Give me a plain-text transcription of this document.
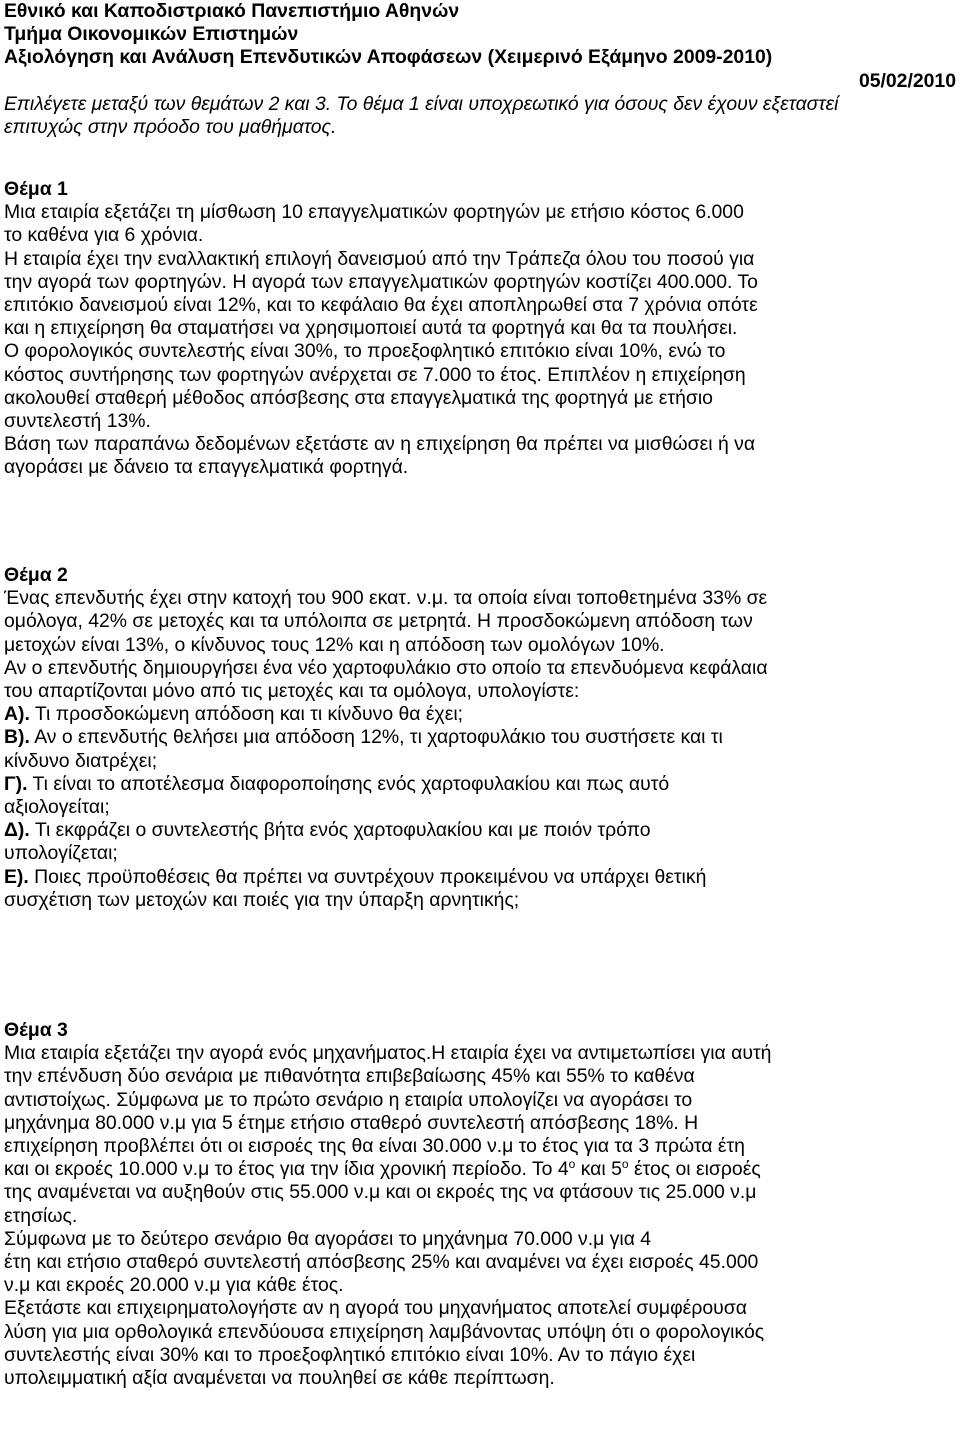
Εθνικό και Καποδιστριακό Πανεπιστήμιο Αθηνών

Τμήμα Οικονομικών Επιστημών

Αξιολόγηση και Ανάλυση Επενδυτικών Αποφάσεων (Χειμερινό Εξάμηνο 2009-2010)

05/02/2010

Επιλέγετε μεταξύ των θεμάτων 2 και 3. Το θέμα 1 είναι υποχρεωτικό για όσους δεν έχουν εξεταστεί

επιτυχώς στην πρόοδο του μαθήματος.

Θέμα 1

Μια εταιρία εξετάζει τη μίσθωση 10 επαγγελματικών φορτηγών με ετήσιο κόστος 6.000

το καθένα για 6 χρόνια.

Η εταιρία έχει την εναλλακτική επιλογή δανεισμού από την Τράπεζα όλου του ποσού για

την αγορά των φορτηγών. Η αγορά των επαγγελματικών φορτηγών κοστίζει 400.000. Το

επιτόκιο δανεισμού είναι 12%, και το κεφάλαιο θα έχει αποπληρωθεί στα 7 χρόνια οπότε

και η επιχείρηση θα σταματήσει να χρησιμοποιεί αυτά τα φορτηγά και θα τα πουλήσει.

Ο φορολογικός συντελεστής είναι 30%, το προεξοφλητικό επιτόκιο είναι 10%, ενώ το

κόστος συντήρησης των φορτηγών ανέρχεται σε 7.000 το έτος. Επιπλέον η επιχείρηση

ακολουθεί σταθερή μέθοδος απόσβεσης στα επαγγελματικά της φορτηγά με ετήσιο

συντελεστή 13%.

Βάση των παραπάνω δεδομένων εξετάστε αν η επιχείρηση θα πρέπει να μισθώσει ή να

αγοράσει με δάνειο τα επαγγελματικά φορτηγά.

Θέμα 2

Ένας επενδυτής έχει στην κατοχή του 900 εκατ. ν.μ. τα οποία είναι τοποθετημένα 33% σε

ομόλογα, 42% σε μετοχές και τα υπόλοιπα σε μετρητά. Η προσδοκώμενη απόδοση των

μετοχών είναι 13%, ο κίνδυνος τους 12% και η απόδοση των ομολόγων 10%.

Αν ο επενδυτής δημιουργήσει ένα νέο χαρτοφυλάκιο στο οποίο τα επενδυόμενα κεφάλαια

του απαρτίζονται μόνο από τις μετοχές και τα ομόλογα, υπολογίστε:

Α). Τι προσδοκώμενη απόδοση και τι κίνδυνο θα έχει;

Β). Αν ο επενδυτής θελήσει μια απόδοση 12%, τι χαρτοφυλάκιο του συστήσετε και τι

κίνδυνο διατρέχει;

Γ). Τι είναι το αποτέλεσμα διαφοροποίησης ενός χαρτοφυλακίου και πως αυτό

αξιολογείται;

Δ). Τι εκφράζει ο συντελεστής βήτα ενός χαρτοφυλακίου και με ποιόν τρόπο

υπολογίζεται;

Ε). Ποιες προϋποθέσεις θα πρέπει να συντρέχουν προκειμένου να υπάρχει θετική

συσχέτιση των μετοχών και ποιές για την ύπαρξη αρνητικής;

Θέμα 3

Μια εταιρία εξετάζει την αγορά ενός μηχανήματος.Η εταιρία έχει να αντιμετωπίσει για αυτή

την επένδυση δύο σενάρια με πιθανότητα επιβεβαίωσης 45% και 55% το καθένα

αντιστοίχως. Σύμφωνα με το πρώτο σενάριο η εταιρία υπολογίζει να αγοράσει το

μηχάνημα 80.000 ν.μ για 5 έτημε ετήσιο σταθερό συντελεστή απόσβεσης 18%. Η

επιχείρηση προβλέπει ότι οι εισροές της θα είναι 30.000 ν.μ το έτος για τα 3 πρώτα έτη

και οι εκροές 10.000 ν.μ το έτος για την ίδια χρονική περίοδο. Το $4^o$ και $5^o$ έτος οι εισροές

της αναμένεται να αυξηθούν στις 55.000 ν.μ και οι εκροές της να φτάσουν τις 25.000 ν.μ

ετησίως.

Σύμφωνα με το δεύτερο σενάριο θα αγοράσει το μηχάνημα 70.000 ν.μ για 4

έτη και ετήσιο σταθερό συντελεστή απόσβεσης 25% και αναμένει να έχει εισροές 45.000

ν.μ και εκροές 20.000 ν.μ για κάθε έτος.

Εξετάστε και επιχειρηματολογήστε αν η αγορά του μηχανήματος αποτελεί συμφέρουσα

λύση για μια ορθολογικά επενδύουσα επιχείρηση λαμβάνοντας υπόψη ότι ο φορολογικός

συντελεστής είναι 30% και το προεξοφλητικό επιτόκιο είναι 10%. Αν το πάγιο έχει

υπολειμματική αξία αναμένεται να πουληθεί σε κάθε περίπτωση.
